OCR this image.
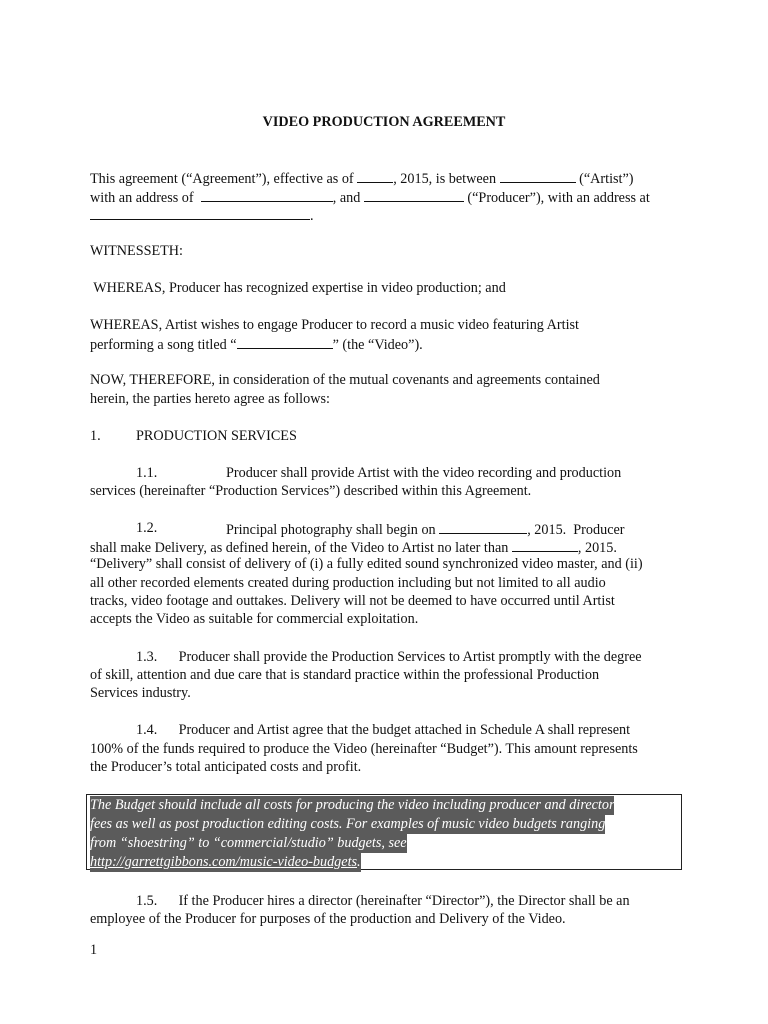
VIDEO PRODUCTION AGREEMENT
This agreement (“Agreement”), effective as of	, 2015, is between	(“Artist”)
with an address of	, and	(“Producer”), with an address at
.
WITNESSETH:
WHEREAS, Producer has recognized expertise in video production; and
WHEREAS, Artist wishes to engage Producer to record a music video featuring Artist
performing a song titled “	” (the “Video”).
NOW, THEREFORE, in consideration of the mutual covenants and agreements contained
herein, the parties hereto agree as follows:
1. PRODUCTION SERVICES
1.1.	Producer shall provide Artist with the video recording and production
services (hereinafter “Production Services”) described within this Agreement.
1.2.	Principal photography shall begin on	, 2015.  Producer
shall make Delivery, as defined herein, of the Video to Artist no later than	, 2015.
“Delivery” shall consist of delivery of (i) a fully edited sound synchronized video master, and (ii)
all other recorded elements created during production including but not limited to all audio
tracks, video footage and outtakes. Delivery will not be deemed to have occurred until Artist
accepts the Video as suitable for commercial exploitation.
1.3.      Producer shall provide the Production Services to Artist promptly with the degree
of skill, attention and due care that is standard practice within the professional Production
Services industry.
1.4.      Producer and Artist agree that the budget attached in Schedule A shall represent
100% of the funds required to produce the Video (hereinafter “Budget”). This amount represents
the Producer’s total anticipated costs and profit.
The Budget should include all costs for producing the video including producer and director
fees as well as post production editing costs. For examples of music video budgets ranging
from “shoestring” to “commercial/studio” budgets, see
http://garrettgibbons.com/music-video-budgets.
1.5.      If the Producer hires a director (hereinafter “Director”), the Director shall be an
employee of the Producer for purposes of the production and Delivery of the Video.
1
